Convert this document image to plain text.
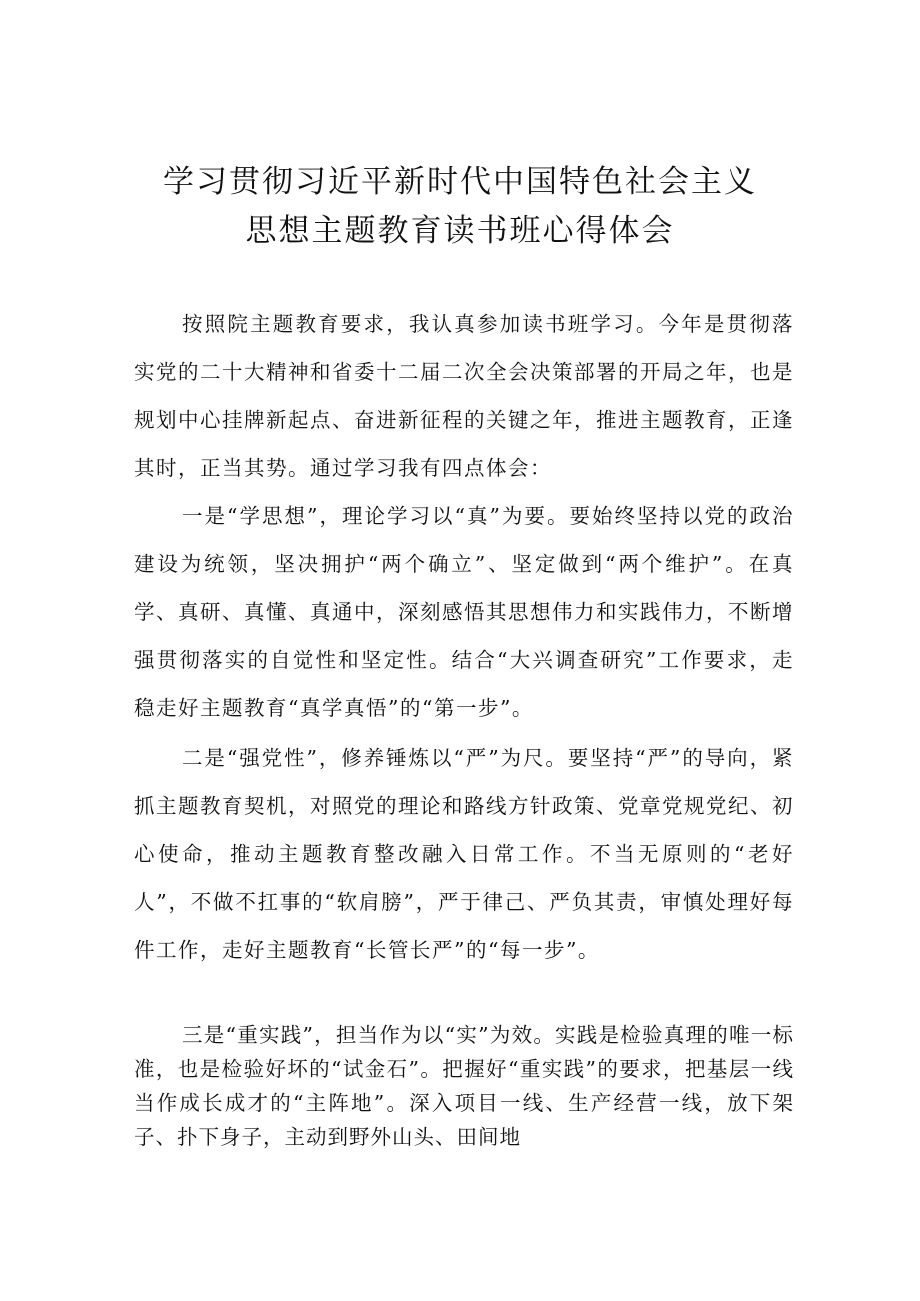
学习贯彻习近平新时代中国特色社会主义
思想主题教育读书班心得体会

按照院主题教育要求，我认真参加读书班学习。今年是贯彻落实党的二十大精神和省委十二届二次全会决策部署的开局之年，也是规划中心挂牌新起点、奋进新征程的关键之年，推进主题教育，正逢其时，正当其势。通过学习我有四点体会：

一是“学思想”，理论学习以“真”为要。要始终坚持以党的政治建设为统领，坚决拥护“两个确立”、坚定做到“两个维护”。在真学、真研、真懂、真通中，深刻感悟其思想伟力和实践伟力，不断增强贯彻落实的自觉性和坚定性。结合“大兴调查研究”工作要求，走稳走好主题教育“真学真悟”的“第一步”。

二是“强党性”，修养锤炼以“严”为尺。要坚持“严”的导向，紧抓主题教育契机，对照党的理论和路线方针政策、党章党规党纪、初心使命，推动主题教育整改融入日常工作。不当无原则的“老好人”，不做不扛事的“软肩膀”，严于律己、严负其责，审慎处理好每件工作，走好主题教育“长管长严”的“每一步”。

三是“重实践”，担当作为以“实”为效。实践是检验真理的唯一标准，也是检验好坏的“试金石”。把握好“重实践”的要求，把基层一线当作成长成才的“主阵地”。深入项目一线、生产经营一线，放下架子、扑下身子，主动到野外山头、田间地
